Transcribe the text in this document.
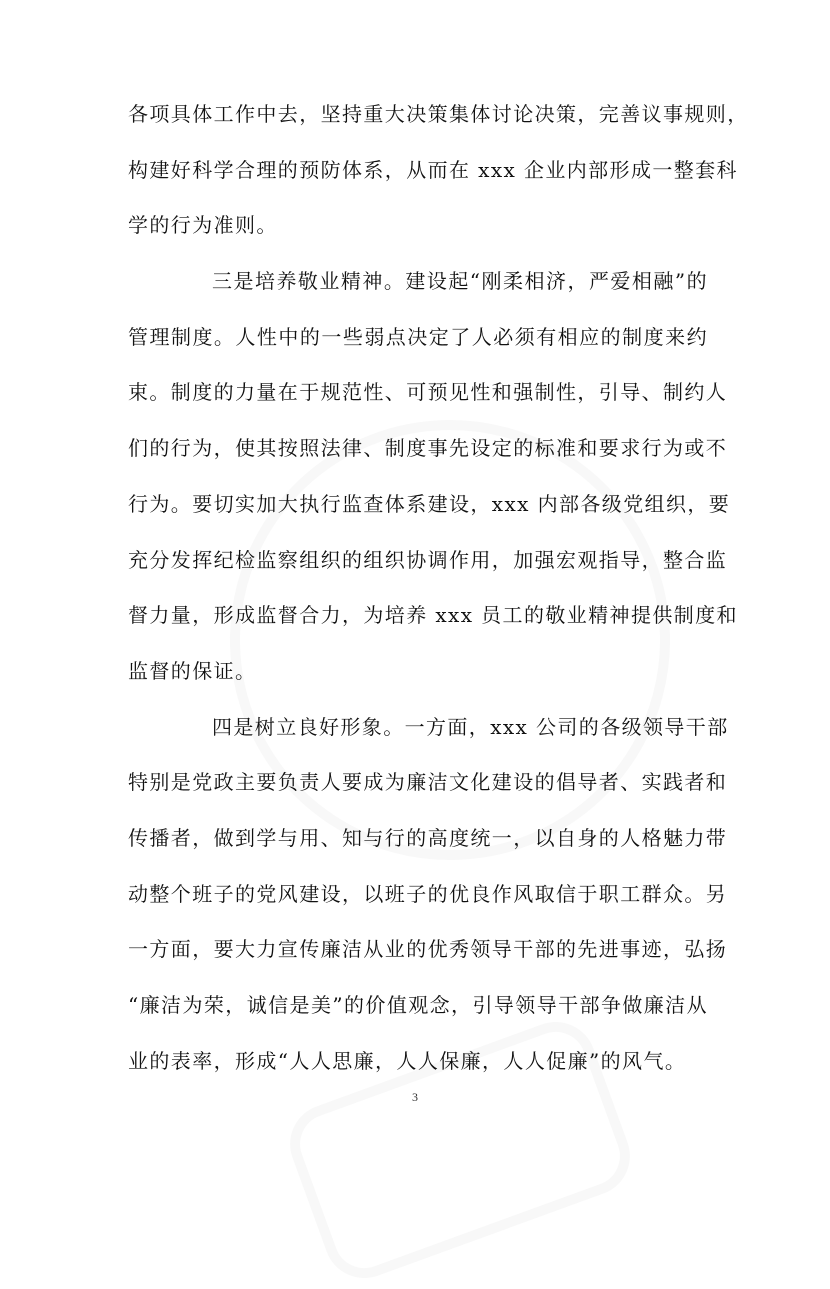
各项具体工作中去，坚持重大决策集体讨论决策，完善议事规则，
构建好科学合理的预防体系，从而在 xxx 企业内部形成一整套科
学的行为准则。
三是培养敬业精神。建设起“刚柔相济，严爱相融”的
管理制度。人性中的一些弱点决定了人必须有相应的制度来约
束。制度的力量在于规范性、可预见性和强制性，引导、制约人
们的行为，使其按照法律、制度事先设定的标准和要求行为或不
行为。要切实加大执行监查体系建设，xxx 内部各级党组织，要
充分发挥纪检监察组织的组织协调作用，加强宏观指导，整合监
督力量，形成监督合力，为培养 xxx 员工的敬业精神提供制度和
监督的保证。
四是树立良好形象。一方面，xxx 公司的各级领导干部
特别是党政主要负责人要成为廉洁文化建设的倡导者、实践者和
传播者，做到学与用、知与行的高度统一，以自身的人格魅力带
动整个班子的党风建设，以班子的优良作风取信于职工群众。另
一方面，要大力宣传廉洁从业的优秀领导干部的先进事迹，弘扬
“廉洁为荣，诚信是美”的价值观念，引导领导干部争做廉洁从
业的表率，形成“人人思廉，人人保廉，人人促廉”的风气。
3
